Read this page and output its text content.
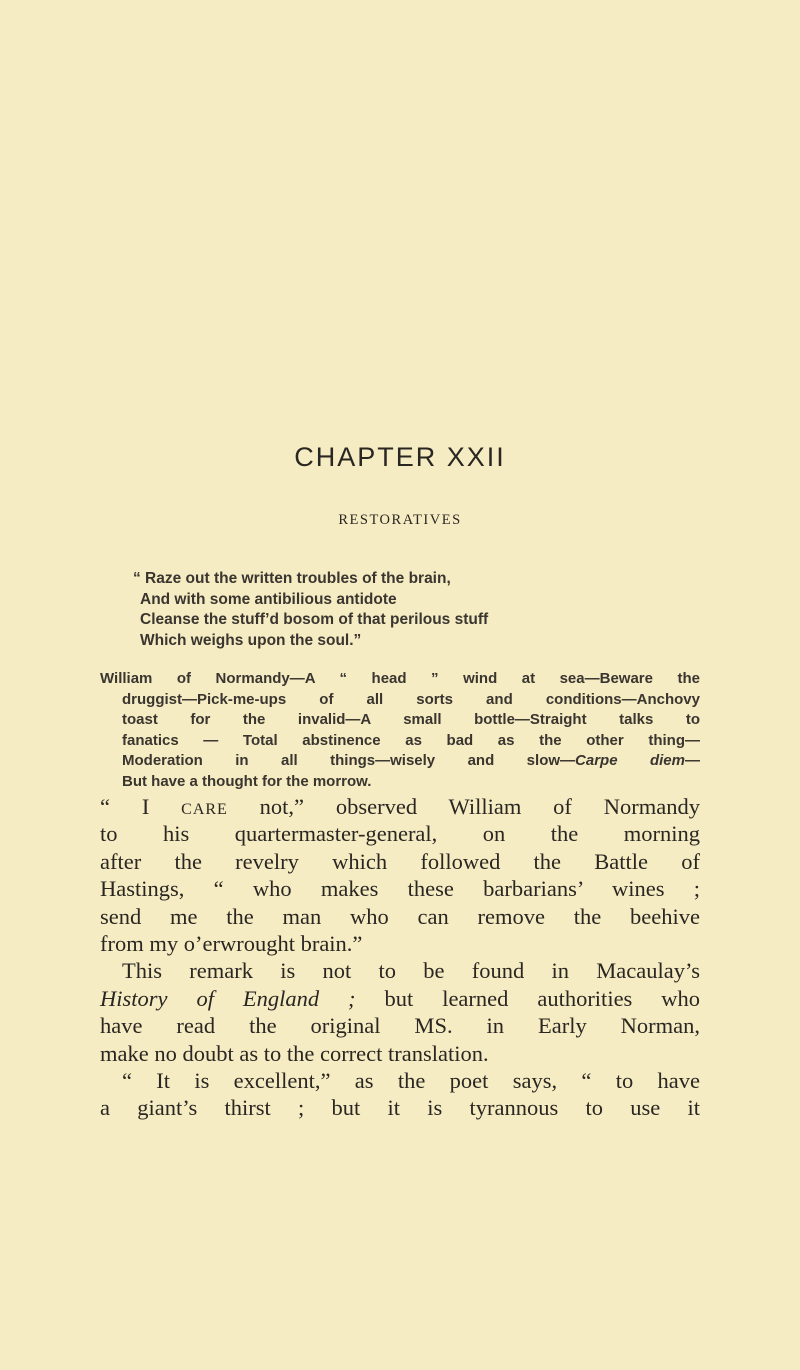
CHAPTER XXII
RESTORATIVES
“ Raze out the written troubles of the brain,
And with some antibilious antidote
Cleanse the stuff’d bosom of that perilous stuff
Which weighs upon the soul.”
William of Normandy—A “ head ” wind at sea—Beware the
druggist—Pick-me-ups of all sorts and conditions—Anchovy
toast for the invalid—A small bottle—Straight talks to
fanatics — Total abstinence as bad as the other thing—
Moderation in all things—wisely and slow—Carpe diem—
But have a thought for the morrow.
“ I care not,” observed William of Normandy
to his quartermaster-general, on the morning
after the revelry which followed the Battle of
Hastings, “ who makes these barbarians’ wines ;
send me the man who can remove the beehive
from my o’erwrought brain.”
This remark is not to be found in Macaulay’s
History of England ; but learned authorities who
have read the original MS. in Early Norman,
make no doubt as to the correct translation.
“ It is excellent,” as the poet says, “ to have
a giant’s thirst ; but it is tyrannous to use it
